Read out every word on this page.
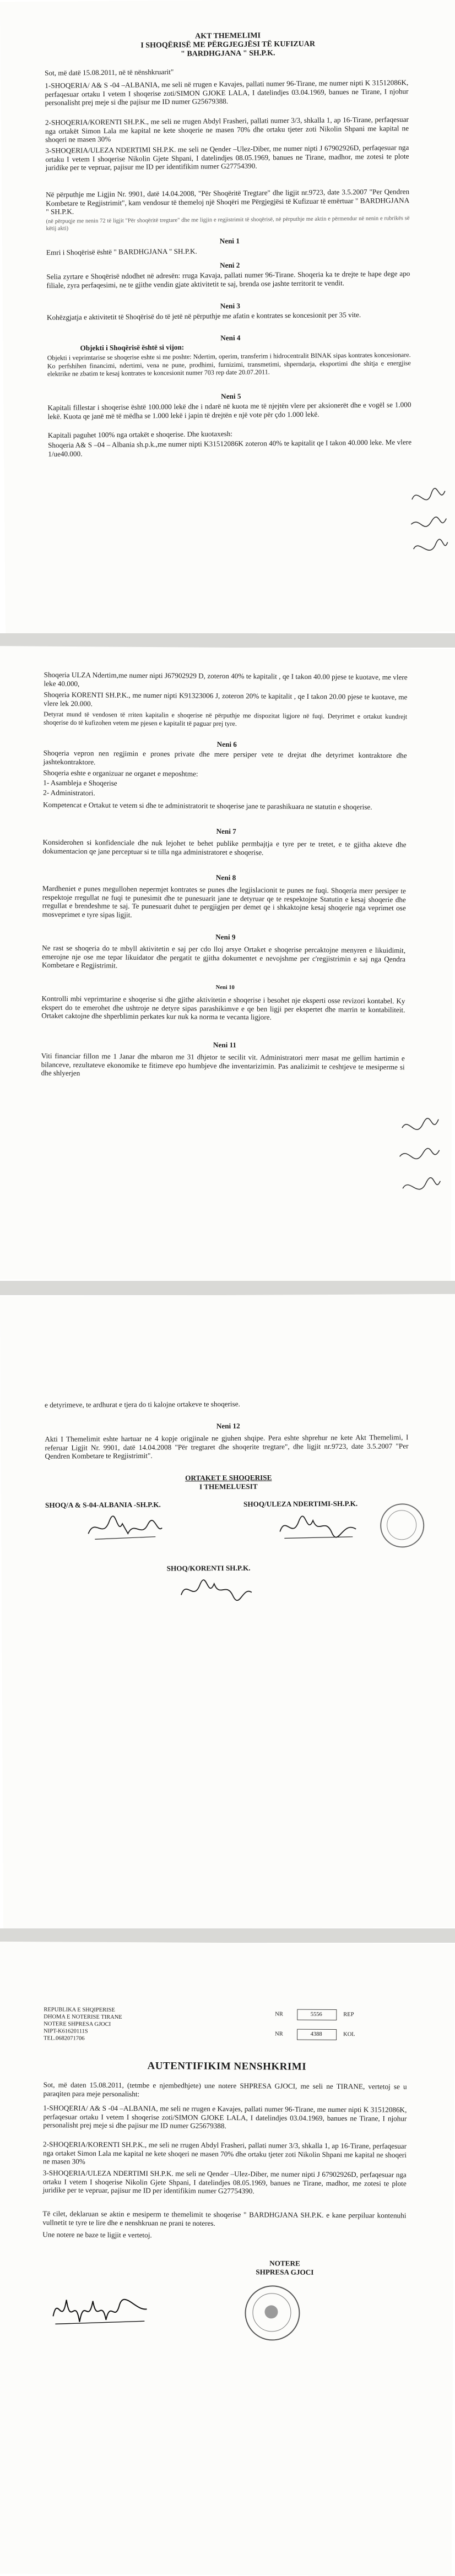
AKT THEMELIMI
I SHOQËRISË ME PËRGJEGJËSI TË KUFIZUAR
" BARDHGJANA " SH.P.K.
Sot, më datë 15.08.2011, në të nënshkruarit"
1-SHOQERIA/ A& S -04 –ALBANIA, me seli në rrugen e Kavajes, pallati numer 96-Tirane, me numer nipti K 31512086K, perfaqesuar ortaku I vetem I shoqerise zoti/SIMON GJOKE LALA, I datelindjes 03.04.1969, banues ne Tirane, I njohur personalisht prej meje si dhe pajisur me ID numer G25679388.
2-SHOQERIA/KORENTI SH.P.K., me seli ne rrugen Abdyl Frasheri, pallati numer 3/3, shkalla 1, ap 16-Tirane, perfaqesuar nga ortakët Simon Lala me kapital ne kete shoqerie ne masen 70% dhe ortaku tjeter zoti Nikolin Shpani me kapital ne shoqeri ne masen 30%
3-SHOQERIA/ULEZA NDERTIMI SH.P.K. me seli ne Qender –Ulez-Diber, me numer nipti J 67902926D, perfaqesuar nga ortaku I vetem I shoqerise Nikolin Gjete Shpani, I datelindjes 08.05.1969, banues ne Tirane, madhor, me zotesi te plote juridike per te vepruar, pajisur me ID per identifikim numer G27754390.
Në përputhje me Ligjin Nr. 9901, datë 14.04.2008, "Për Shoqëritë Tregtare" dhe ligjit nr.9723, date 3.5.2007 "Per Qendren Kombetare te Regjistrimit", kam vendosur të themeloj një Shoqëri me Përgjegjësi të Kufizuar të emërtuar " BARDHGJANA " SH.P.K.
(nё pёrpuqje me nenin 72 tё ligjit "Pёr shoqёritё tregtare" dhe me ligjin e regjistrimit tё shoqёrisё, nё pёrputhje me aktin e pёrmendur nё nenin e rubrikёs sё kёtij akti)
Neni 1
Emri i Shoqërisë është " BARDHGJANA " SH.P.K.
Neni 2
Selia zyrtare e Shoqërisë ndodhet në adresën: rruga Kavaja, pallati numer 96-Tirane. Shoqeria ka te drejte te hape dege apo filiale, zyra perfaqesimi, ne te gjithe vendin gjate aktivitetit te saj, brenda ose jashte territorit te vendit.
Neni 3
Kohëzgjatja e aktivitetit të Shoqërisë do të jetë në përputhje me afatin e kontrates se koncesionit per 35 vite.
Neni 4
Objekti i Shoqërisë është si vijon:
Objekti i veprimtarise se shoqerise eshte si me poshte: Ndertim, operim, transferim i hidrocentralit BINAK sipas kontrates koncesionare. Ko perfshihen financimi, ndertimi, vena ne pune, prodhimi, furnizimi, transmetimi, shperndarja, eksportimi dhe shitja e energjise elektrike ne zbatim te kesaj kontrates te koncesionit numer 703 rep date 20.07.2011.
Neni 5
Kapitali fillestar i shoqerise është 100.000 lekë dhe i ndarë në kuota me të njejtën vlere per aksionerët dhe e vogël se 1.000 lekë. Kuota qe janë më të mëdha se 1.000 lekë i japin të drejtën e një vote për çdo 1.000 lekë.
Kapitali paguhet 100% nga ortakët e shoqerise. Dhe kuotaxesh:
Shoqeria A& S –04 – Albania sh.p.k.,me numer nipti K31512086K zoteron 40% te kapitalit qe I takon 40.000 leke. Me vlere 1/ue40.000.
Shoqeria ULZA Ndertim,me numer nipti J67902929 D, zoteron 40% te kapitalit , qe I takon 40.00 pjese te kuotave, me vlere leke 40.000,
Shoqeria KORENTI SH.P.K., me numer nipti K91323006 J, zoteron 20% te kapitalit , qe I takon 20.00 pjese te kuotave, me vlere lek 20.000.
Detyrat mund të vendosen të rriten kapitalin e shoqerise në përputhje me dispozitat ligjore në fuqi. Detyrimet e ortakut kundrejt shoqerise do të kufizohen vetem me pjesen e kapitalit të paguar prej tyre.
Neni 6
Shoqeria vepron nen regjimin e prones private dhe mere persiper vete te drejtat dhe detyrimet kontraktore dhe jashtekontraktore.
Shoqeria eshte e organizuar ne organet e meposhtme:
1- Asambleja e Shoqerise
2- Administratori.
Kompetencat e Ortakut te vetem si dhe te administratorit te shoqerise jane te parashikuara ne statutin e shoqerise.
Neni 7
Konsiderohen si konfidenciale dhe nuk lejohet te behet publike permbajtja e tyre per te tretet, e te gjitha aktevе dhe dokumentacion qe jane perceptuar si te tilla nga administratoret e shoqerise.
Neni 8
Mardheniet e punes megullohen nepermjet kontrates se punes dhe legjislacionit te punes ne fuqi. Shoqeria merr persiper te respektoje rregullat ne fuqi te punesimit dhe te punesuarit jane te detyruar qe te respektojne Statutin e kesaj shoqerie dhe rregullat e brendeshme te saj. Te punesuarit duhet te pergjigjen per demet qe i shkaktojne kesaj shoqerie nga veprimet ose mosveprimet e tyre sipas ligjit.
Neni 9
Ne rast se shoqeria do te mbyll aktivitetin e saj per cdo lloj arsye Ortaket e shoqerise percaktojne menyren e likuidimit, emerojne nje ose me tepər likuidator dhe pergatit te gjitha dokumentet e nevojshme per c'regjistrimin e saj nga Qendra Kombetare e Regjistrimit.
Neni 10
Kontrolli mbi veprimtarine e shoqerise si dhe gjithe aktivitetin e shoqerise i besohet nje eksperti osse revizori kontabel. Ky ekspert do te emerohet dhe ushtroje ne detyre sipas parashikimve e qe ben ligji per ekspertet dhe marrin te kontabiliteit. Ortaket caktojne dhe shperblimin perkates kur nuk ka norma te vecanta ligjore.
Neni 11
Viti financiar fillon me 1 Janar dhe mbaron me 31 dhjetor te secilit vit. Administratori merr masat me gellim hartimin e bilanceve, rezultatevе ekonomike te fitimeve epo humbjeve dhe inventarizimin. Pas analizimit te ceshtjeve te mesiperme si dhe shlyerjen
e detyrimeve, te ardhurat e tjera do ti kaloјne ortakeve te shoqerise.
Neni 12
Akti I Themelimit eshte hartuar ne 4 kopje origjinale ne gjuhen shqipe. Pera eshte shprehur ne kete Akt Themelimi, I referuar Ligjit Nr. 9901, datë 14.04.2008 "Për tregtaret dhe shoqerite tregtare", dhe ligjit nr.9723, date 3.5.2007 "Per Qendren Kombetare te Regjistrimit".
ORTAKET E SHOQERISE
I THEMELUESIT
SHOQ/A & S-04-ALBANIA -SH.P.K.	SHOQ/ULEZA NDERTIMI-SH.P.K.
SHOQ/KORENTI SH.P.K.
REPUBLIKA E SHQIPERISE
DHOMA E NOTERISE TIRANE
NOTERE SHPRESA GJOCI
NIPT-K61620111S
TEL.0682071706
NR	5556	REP
NR	4388	KOL
AUTENTIFIKIM NENSHKRIMI
Sot, më daten 15.08.2011, (tetmbe e njembedhjete) une notere SHPRESA GJOCI, me seli ne TIRANE, vertetoj se u paraqiten para meje personalisht:
1-SHOQERIA/ A& S -04 –ALBANIA, me seli ne rrugen e Kavajes, pallati numer 96-Tirane, me numer nipti K 31512086K, perfaqesuar ortaku I vetem I shoqerise zoti/SIMON GJOKE LALA, I datelindjes 03.04.1969, banues ne Tirane, I njohur personalisht prej meje si dhe pajisur me ID numer G25679388.
2-SHOQERIA/KORENTI SH.P.K., me seli ne rrugen Abdyl Frasheri, pallati numer 3/3, shkalla 1, ap 16-Tirane, perfaqesuar nga ortaket Simon Lala me kapital ne kete shoqeri ne masen 70% dhe ortaku tjeter zoti Nikolin Shpani me kapital ne shoqeri ne masen 30%
3-SHOQERIA/ULEZA NDERTIMI SH.P.K. me seli ne Qender –Ulez-Diber, me numer nipti J 67902926D, perfaqesuar nga ortaku I vetem I shoqerise Nikolin Gjete Shpani, I datelindjes 08.05.1969, banues ne Tirane, madhor, me zotesi te plote juridike per te vepruar, pajisur me ID per identifikim numer G27754390.
Të cilet, deklaruan se aktin e mesiperm te themelimit te shoqerise " BARDHGJANA SH.P.K. e kane perpiluar kontenuhi vullnetit te tyre te lire dhe e nenshkruan ne prani te noteres.
Une notere ne baze te ligjit e vertetoj.
NOTERE
SHPRESA GJOCI
